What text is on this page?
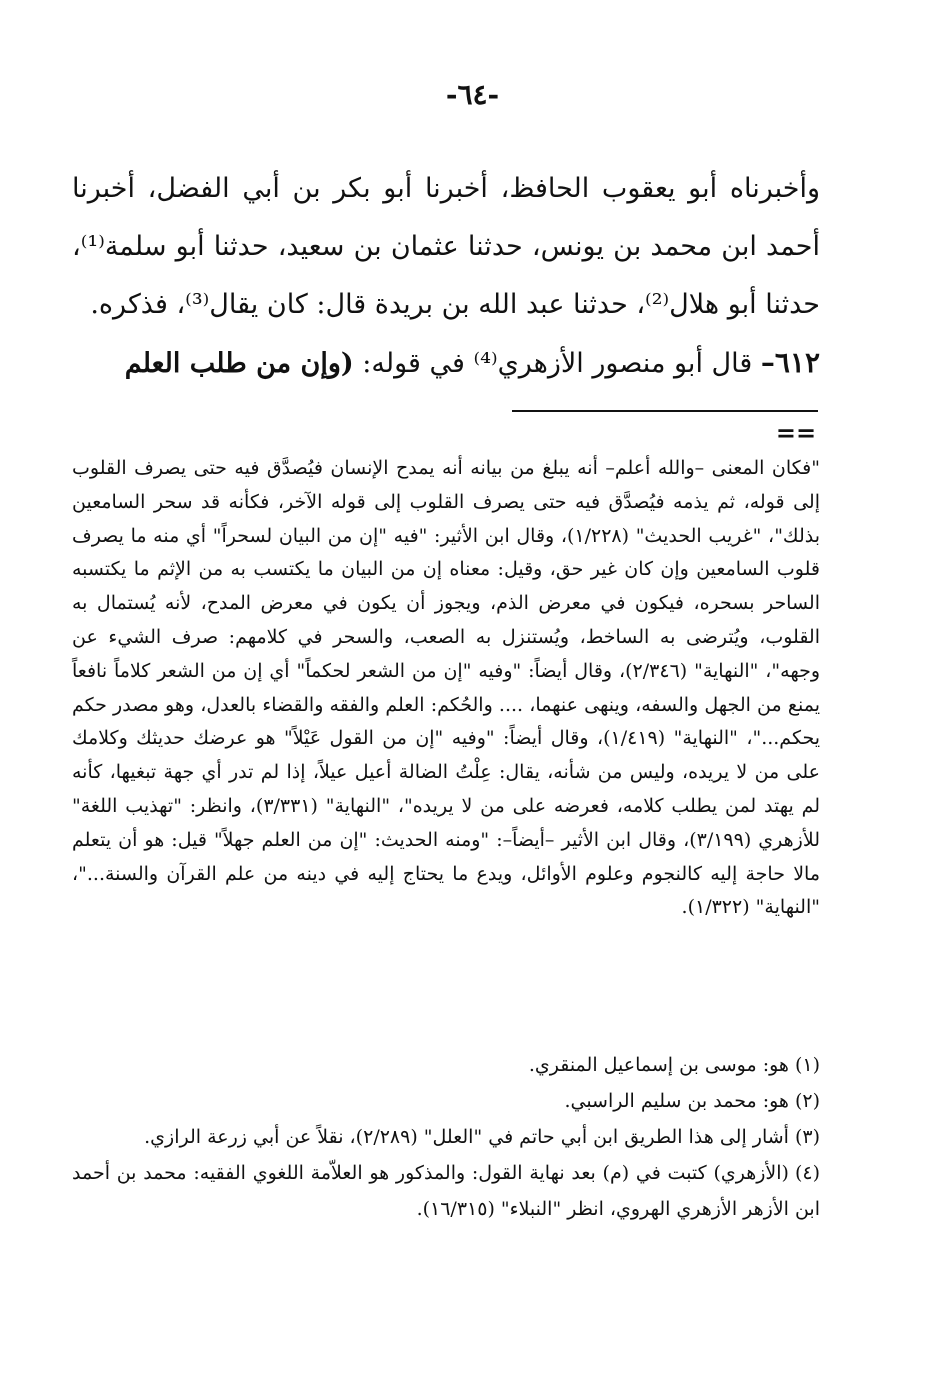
-٦٤-

وأخبرناه أبو يعقوب الحافظ، أخبرنا أبو بكر بن أبي الفضل، أخبرنا أحمد ابن محمد بن يونس، حدثنا عثمان بن سعيد، حدثنا أبو سلمة⁽¹⁾، حدثنا أبو هلال⁽²⁾، حدثنا عبد الله بن بريدة قال: كان يقال⁽³⁾، فذكره.

٦١٢– قال أبو منصور الأزهري⁽⁴⁾ في قوله: (وإن من طلب العلم

==

"فكان المعنى –والله أعلم– أنه يبلغ من بيانه أنه يمدح الإنسان فيُصدَّق فيه حتى يصرف القلوب إلى قوله، ثم يذمه فيُصدَّق فيه حتى يصرف القلوب إلى قوله الآخر، فكأنه قد سحر السامعين بذلك"، "غريب الحديث" (١/٢٢٨)، وقال ابن الأثير: "فيه "إن من البيان لسحراً" أي منه ما يصرف قلوب السامعين وإن كان غير حق، وقيل: معناه إن من البيان ما يكتسب به من الإثم ما يكتسبه الساحر بسحره، فيكون في معرض الذم، ويجوز أن يكون في معرض المدح، لأنه يُستمال به القلوب، ويُترضى به الساخط، ويُستنزل به الصعب، والسحر في كلامهم: صرف الشيء عن وجهه"، "النهاية" (٢/٣٤٦)، وقال أيضاً: "وفيه "إن من الشعر لحكماً" أي إن من الشعر كلاماً نافعاً يمنع من الجهل والسفه، وينهى عنهما، .... والحُكم: العلم والفقه والقضاء بالعدل، وهو مصدر حكم يحكم..."، "النهاية" (١/٤١٩)، وقال أيضاً: "وفيه "إن من القول عَيْلاً" هو عرضك حديثك وكلامك على من لا يريده، وليس من شأنه، يقال: عِلْتُ الضالة أعيل عيلاً، إذا لم تدر أي جهة تبغيها، كأنه لم يهتد لمن يطلب كلامه، فعرضه على من لا يريده"، "النهاية" (٣/٣٣١)، وانظر: "تهذيب اللغة" للأزهري (٣/١٩٩)، وقال ابن الأثير –أيضاً–: "ومنه الحديث: "إن من العلم جهلاً" قيل: هو أن يتعلم مالا حاجة إليه كالنجوم وعلوم الأوائل، ويدع ما يحتاج إليه في دينه من علم القرآن والسنة..."، "النهاية" (١/٣٢٢).

(١)هو: موسى بن إسماعيل المنقري.

(٢)هو: محمد بن سليم الراسبي.

(٣)أشار إلى هذا الطريق ابن أبي حاتم في "العلل" (٢/٢٨٩)، نقلاً عن أبي زرعة الرازي.

(٤)(الأزهري) كتبت في (م) بعد نهاية القول: والمذكور هو العلاّمة اللغوي الفقيه: محمد بن أحمد ابن الأزهر الأزهري الهروي، انظر "النبلاء" (١٦/٣١٥).
